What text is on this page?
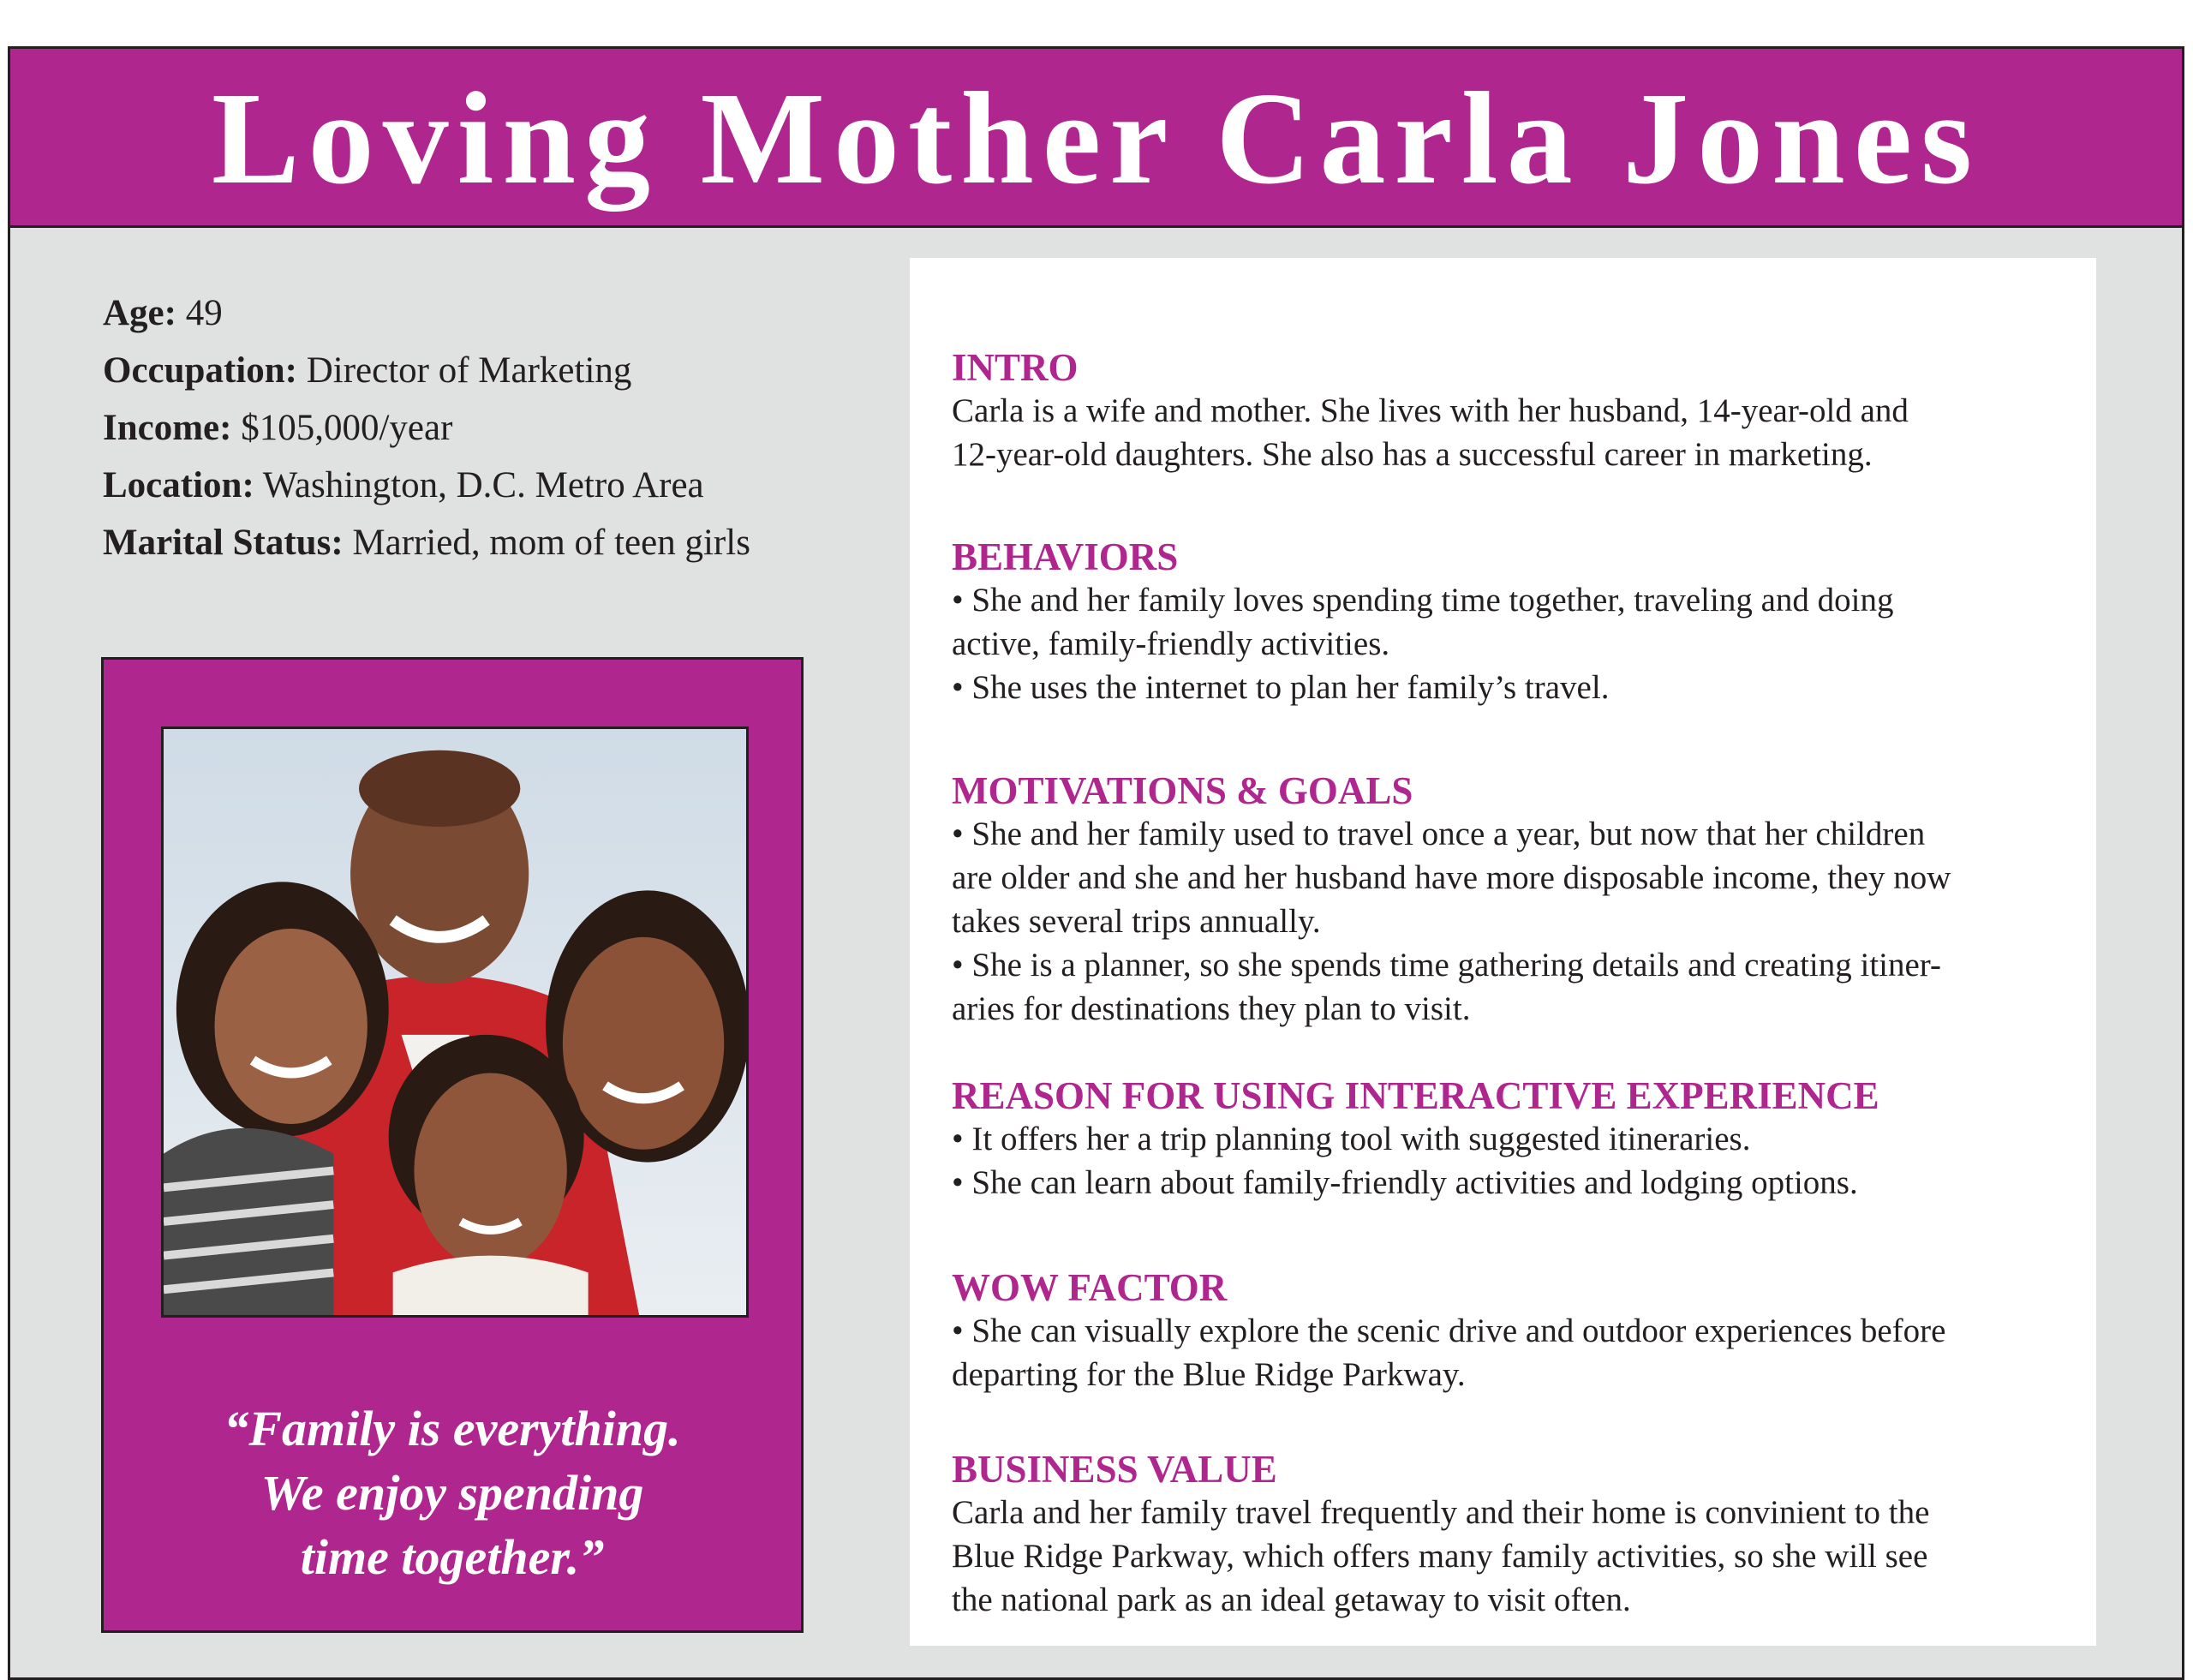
Loving Mother Carla Jones
Age: 49
Occupation: Director of Marketing
Income: $105,000/year
Location: Washington, D.C. Metro Area
Marital Status: Married, mom of teen girls
“Family is everything.
We enjoy spending
time together.”
INTRO

Carla is a wife and mother. She lives with her husband, 14-year-old and

12-year-old daughters. She also has a successful career in marketing.

BEHAVIORS

• She and her family loves spending time together, traveling and doing

active, family-friendly activities.

• She uses the internet to plan her family’s travel.

MOTIVATIONS & GOALS

• She and her family used to travel once a year, but now that her children

are older and she and her husband have more disposable income, they now

takes several trips annually.

• She is a planner, so she spends time gathering details and creating itiner-

aries for destinations they plan to visit.

REASON FOR USING INTERACTIVE EXPERIENCE

• It offers her a trip planning tool with suggested itineraries.

• She can learn about family-friendly activities and lodging options.

WOW FACTOR

• She can visually explore the scenic drive and outdoor experiences before

departing for the Blue Ridge Parkway.

BUSINESS VALUE

Carla and her family travel frequently and their home is convinient to the

Blue Ridge Parkway, which offers many family activities, so she will see

the national park as an ideal getaway to visit often.
